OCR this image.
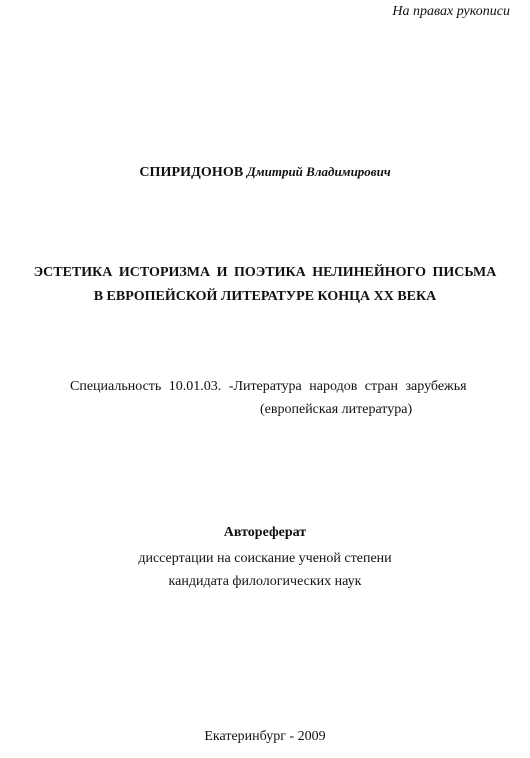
На правах рукописи
СПИРИДОНОВ Дмитрий Владимирович
ЭСТЕТИКА ИСТОРИЗМА И ПОЭТИКА НЕЛИНЕЙНОГО ПИСЬМА
В ЕВРОПЕЙСКОЙ ЛИТЕРАТУРЕ КОНЦА XX ВЕКА
Специальность 10.01.03. -Литература народов стран зарубежья
(европейская литература)
Автореферат
диссертации на соискание ученой степени
кандидата филологических наук
Екатеринбург - 2009
